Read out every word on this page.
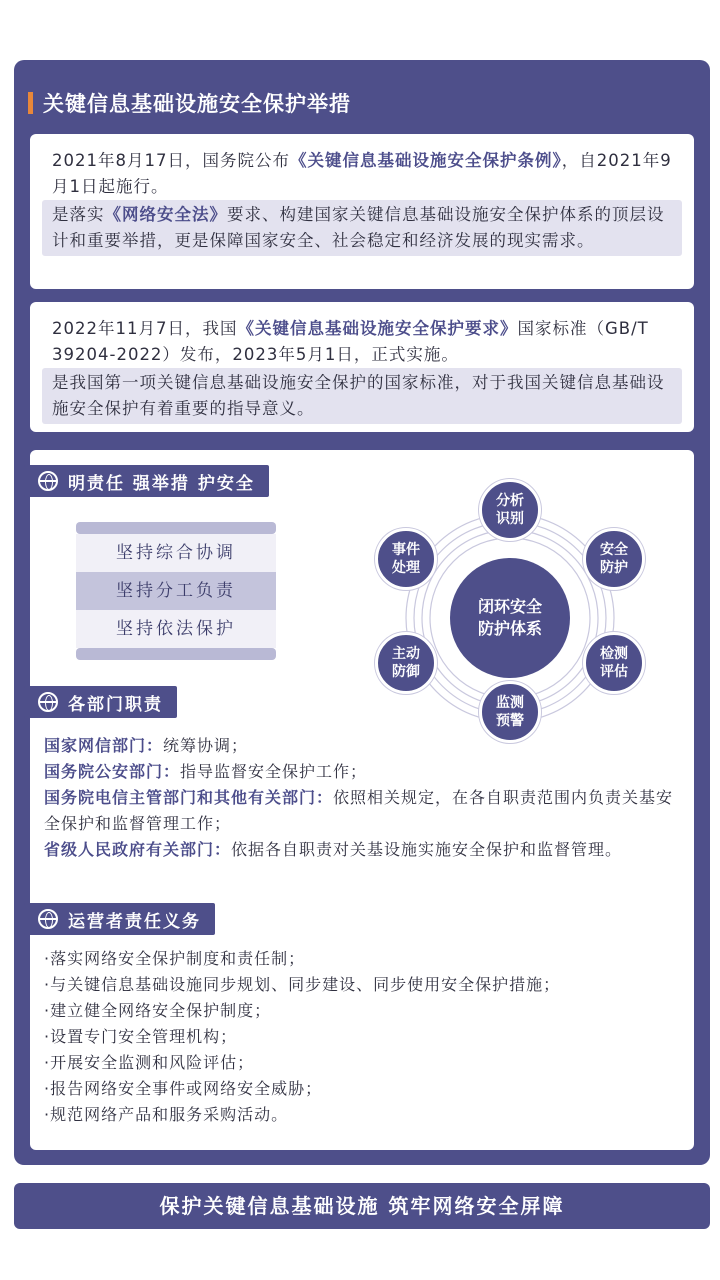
关键信息基础设施安全保护举措

2021年8月17日，国务院公布《关键信息基础设施安全保护条例》，自2021年9月1日起施行。

是落实《网络安全法》要求、构建国家关键信息基础设施安全保护体系的顶层设计和重要举措，更是保障国家安全、社会稳定和经济发展的现实需求。

2022年11月7日，我国《关键信息基础设施安全保护要求》国家标准（GB/T 39204-2022）发布，2023年5月1日，正式实施。

是我国第一项关键信息基础设施安全保护的国家标准，对于我国关键信息基础设施安全保护有着重要的指导意义。

明责任 强举措 护安全
坚持综合协调
坚持分工负责
坚持依法保护
闭环安全
防护体系
分析
识别
安全
防护
检测
评估
监测
预警
主动
防御
事件
处理
各部门职责
国家网信部门：统筹协调；
国务院公安部门：指导监督安全保护工作；
国务院电信主管部门和其他有关部门：依照相关规定，在各自职责范围内负责关基安全保护和监督管理工作；
省级人民政府有关部门：依据各自职责对关基设施实施安全保护和监督管理。
运营者责任义务
·落实网络安全保护制度和责任制；
·与关键信息基础设施同步规划、同步建设、同步使用安全保护措施；
·建立健全网络安全保护制度；
·设置专门安全管理机构；
·开展安全监测和风险评估；
·报告网络安全事件或网络安全威胁；
·规范网络产品和服务采购活动。
保护关键信息基础设施 筑牢网络安全屏障
